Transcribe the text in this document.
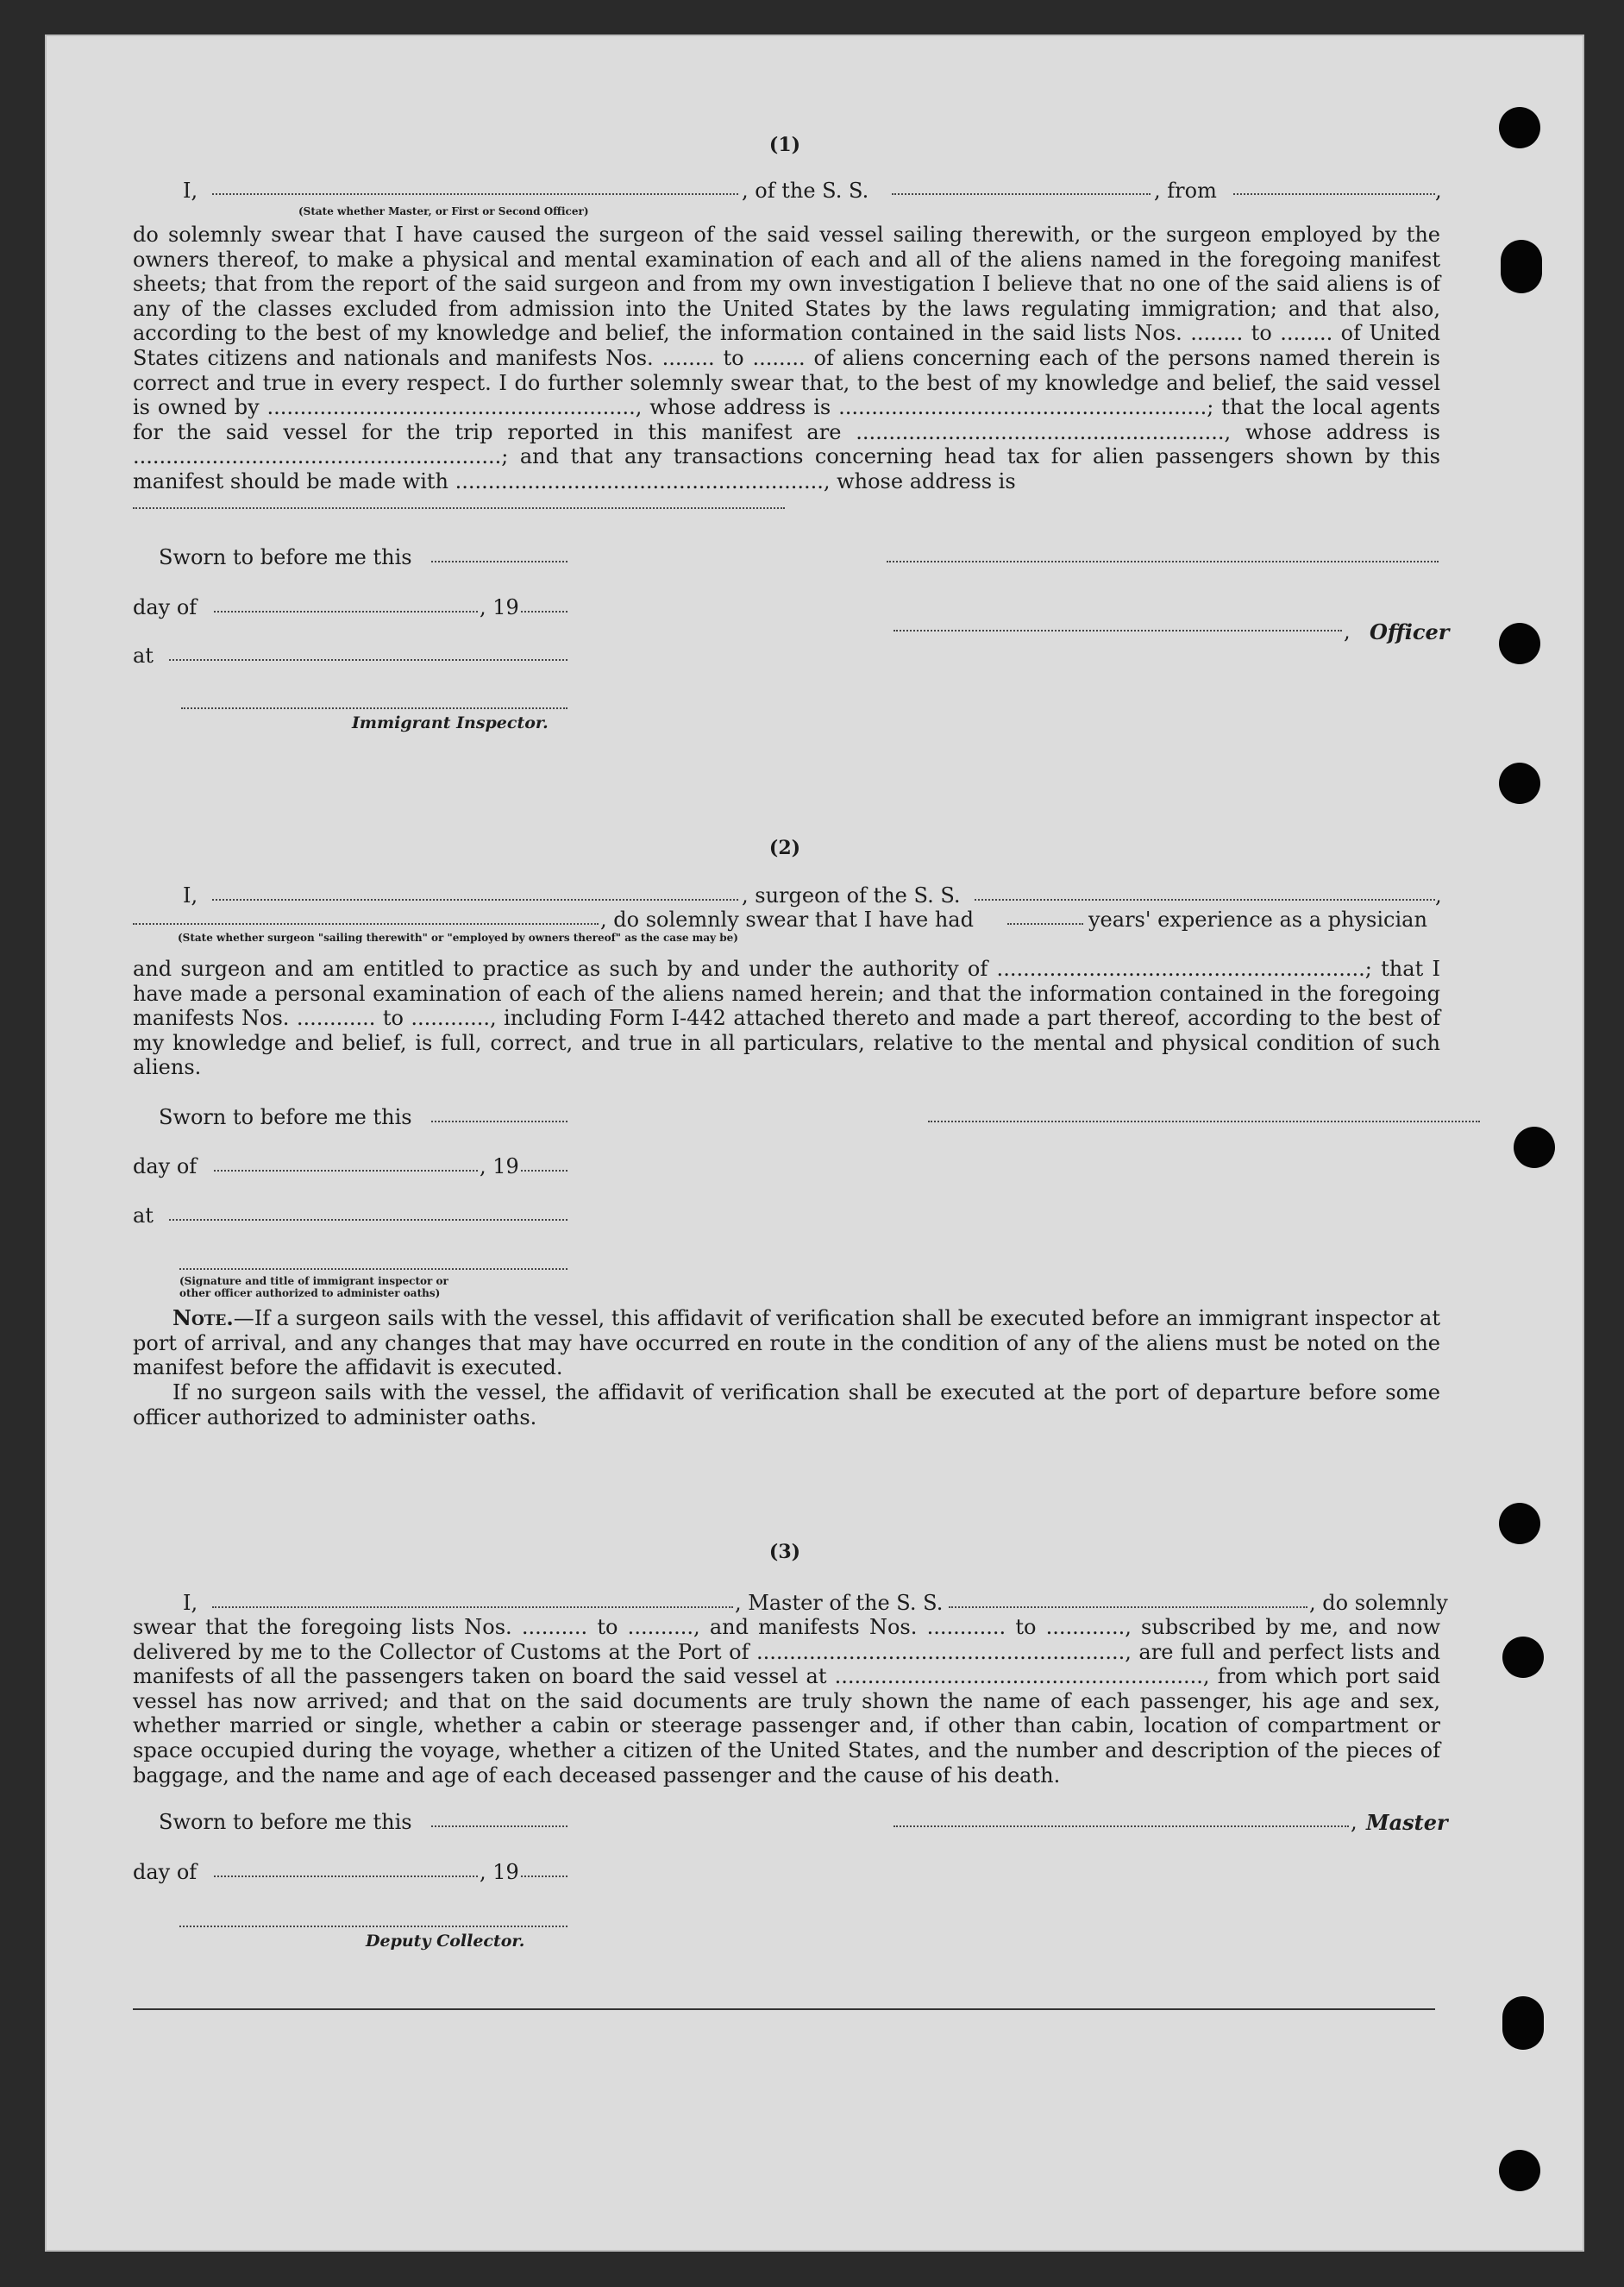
(1)
I,	, of the S. S.	, from	,
(State whether Master, or First or Second Officer)
do solemnly swear that I have caused the surgeon of the said vessel sailing therewith, or the surgeon employed by the owners thereof, to make a physical and mental examination of each and all of the aliens named in the foregoing manifest sheets; that from the report of the said surgeon and from my own investigation I believe that no one of the said aliens is of any of the classes excluded from admission into the United States by the laws regulating immigration; and that also, according to the best of my knowledge and belief, the information contained in the said lists Nos. ........ to ........ of United States citizens and nationals and manifests Nos. ........ to ........ of aliens concerning each of the persons named therein is correct and true in every respect. I do further solemnly swear that, to the best of my knowledge and belief, the said vessel is owned by ........................................................, whose address is ........................................................; that the local agents for the said vessel for the trip reported in this manifest are ........................................................, whose address is ........................................................; and that any transactions concerning head tax for alien passengers shown by this manifest should be made with ........................................................, whose address is
Sworn to before me this
day of	, 19
, Officer
at
Immigrant Inspector.
(2)
I,	, surgeon of the S. S.	,
, do solemnly swear that I have had	years' experience as a physician
(State whether surgeon "sailing therewith" or "employed by owners thereof" as the case may be)
and surgeon and am entitled to practice as such by and under the authority of ........................................................; that I have made a personal examination of each of the aliens named herein; and that the information contained in the foregoing manifests Nos. ............ to ............, including Form I-442 attached thereto and made a part thereof, according to the best of my knowledge and belief, is full, correct, and true in all particulars, relative to the mental and physical condition of such aliens.
Sworn to before me this
day of	, 19
at
(Signature and title of immigrant inspector or
other officer authorized to administer oaths)
Note.—If a surgeon sails with the vessel, this affidavit of verification shall be executed before an immigrant inspector at port of arrival, and any changes that may have occurred en route in the condition of any of the aliens must be noted on the manifest before the affidavit is executed.
If no surgeon sails with the vessel, the affidavit of verification shall be executed at the port of departure before some officer authorized to administer oaths.
(3)
I,	, Master of the S. S.	, do solemnly
swear that the foregoing lists Nos. .......... to .........., and manifests Nos. ............ to ............, subscribed by me, and now delivered by me to the Collector of Customs at the Port of ........................................................, are full and perfect lists and manifests of all the passengers taken on board the said vessel at ........................................................, from which port said vessel has now arrived; and that on the said documents are truly shown the name of each passenger, his age and sex, whether married or single, whether a cabin or steerage passenger and, if other than cabin, location of compartment or space occupied during the voyage, whether a citizen of the United States, and the number and description of the pieces of baggage, and the name and age of each deceased passenger and the cause of his death.
Sworn to before me this	, Master
day of	, 19
Deputy Collector.
